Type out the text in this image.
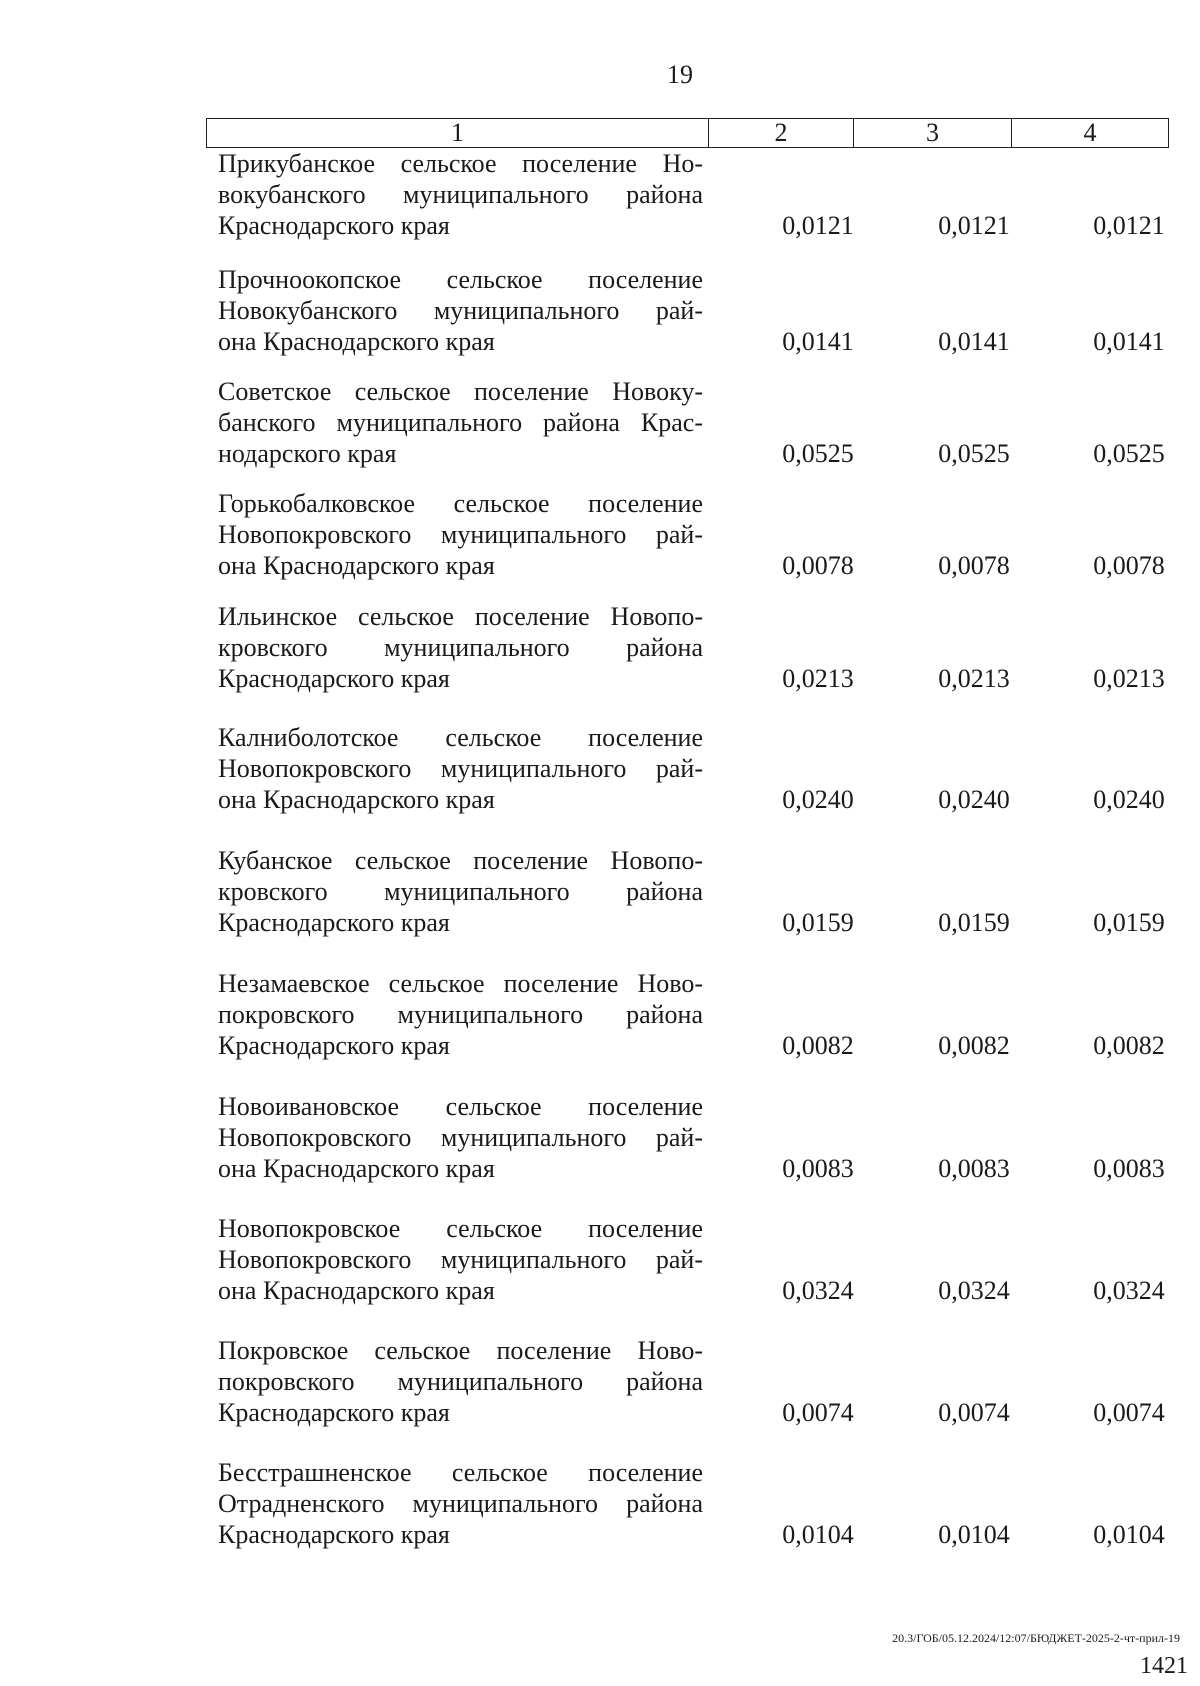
19
1	2	3	4
Прикубанское сельское поселение Но-
вокубанского муниципального района
Краснодарского края	0,0121	0,0121	0,0121
Прочноокопское сельское поселение
Новокубанского муниципального рай-
она Краснодарского края	0,0141	0,0141	0,0141
Советское сельское поселение Новоку-
банского муниципального района Крас-
нодарского края	0,0525	0,0525	0,0525
Горькобалковское сельское поселение
Новопокровского муниципального рай-
она Краснодарского края	0,0078	0,0078	0,0078
Ильинское сельское поселение Новопо-
кровского муниципального района
Краснодарского края	0,0213	0,0213	0,0213
Калниболотское сельское поселение
Новопокровского муниципального рай-
она Краснодарского края	0,0240	0,0240	0,0240
Кубанское сельское поселение Новопо-
кровского муниципального района
Краснодарского края	0,0159	0,0159	0,0159
Незамаевское сельское поселение Ново-
покровского муниципального района
Краснодарского края	0,0082	0,0082	0,0082
Новоивановское сельское поселение
Новопокровского муниципального рай-
она Краснодарского края	0,0083	0,0083	0,0083
Новопокровское сельское поселение
Новопокровского муниципального рай-
она Краснодарского края	0,0324	0,0324	0,0324
Покровское сельское поселение Ново-
покровского муниципального района
Краснодарского края	0,0074	0,0074	0,0074
Бесстрашненское сельское поселение
Отрадненского муниципального района
Краснодарского края	0,0104	0,0104	0,0104
20.3/ГОБ/05.12.2024/12:07/БЮДЖЕТ-2025-2-чт-прил-19
1421
